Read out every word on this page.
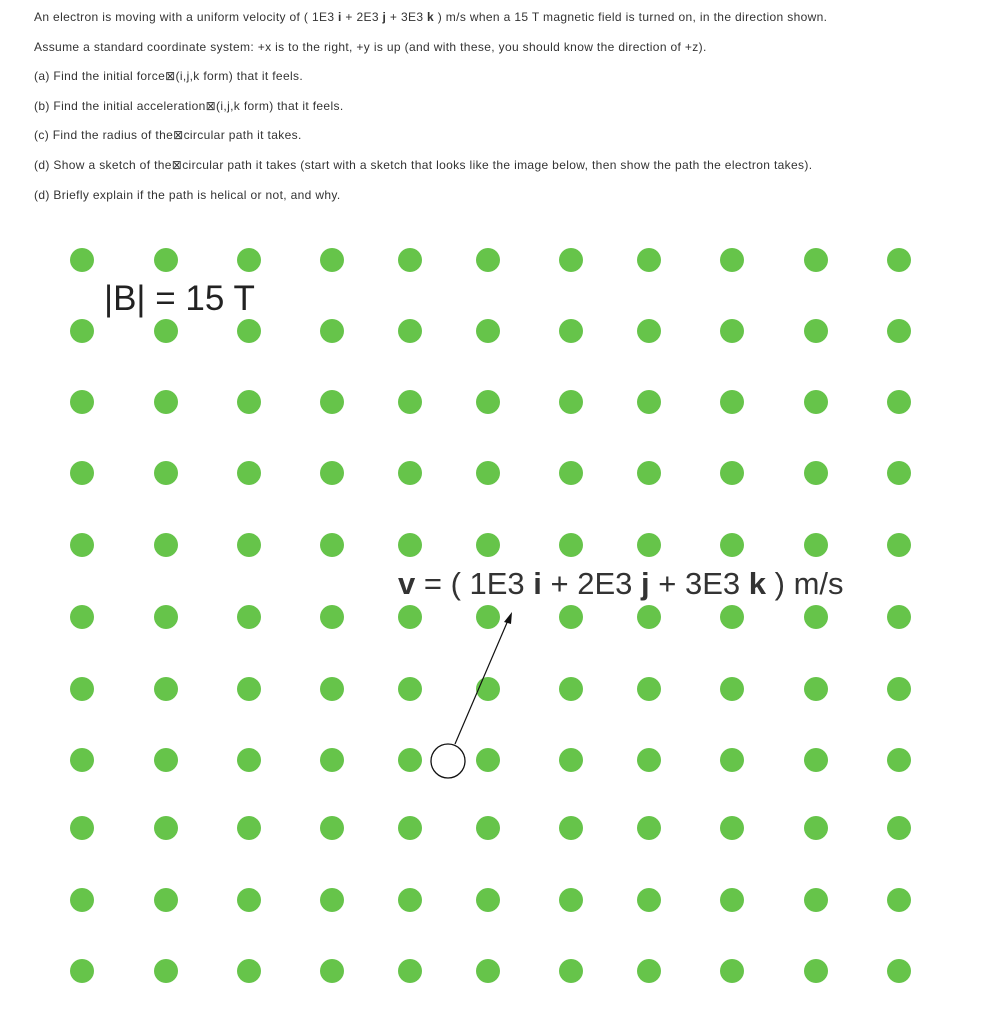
An electron is moving with a uniform velocity of ( 1E3 i + 2E3 j + 3E3 k ) m/s when a 15 T magnetic field is turned on, in the direction shown.
Assume a standard coordinate system: +x is to the right, +y is up (and with these, you should know the direction of +z).
(a) Find the initial force⊠(i,j,k form) that it feels.
(b) Find the initial acceleration⊠(i,j,k form) that it feels.
(c) Find the radius of the⊠circular path it takes.
(d) Show a sketch of the⊠circular path it takes (start with a sketch that looks like the image below, then show the path the electron takes).
(d) Briefly explain if the path is helical or not, and why.
|B| = 15 T
v = ( 1E3 i + 2E3 j + 3E3 k ) m/s
